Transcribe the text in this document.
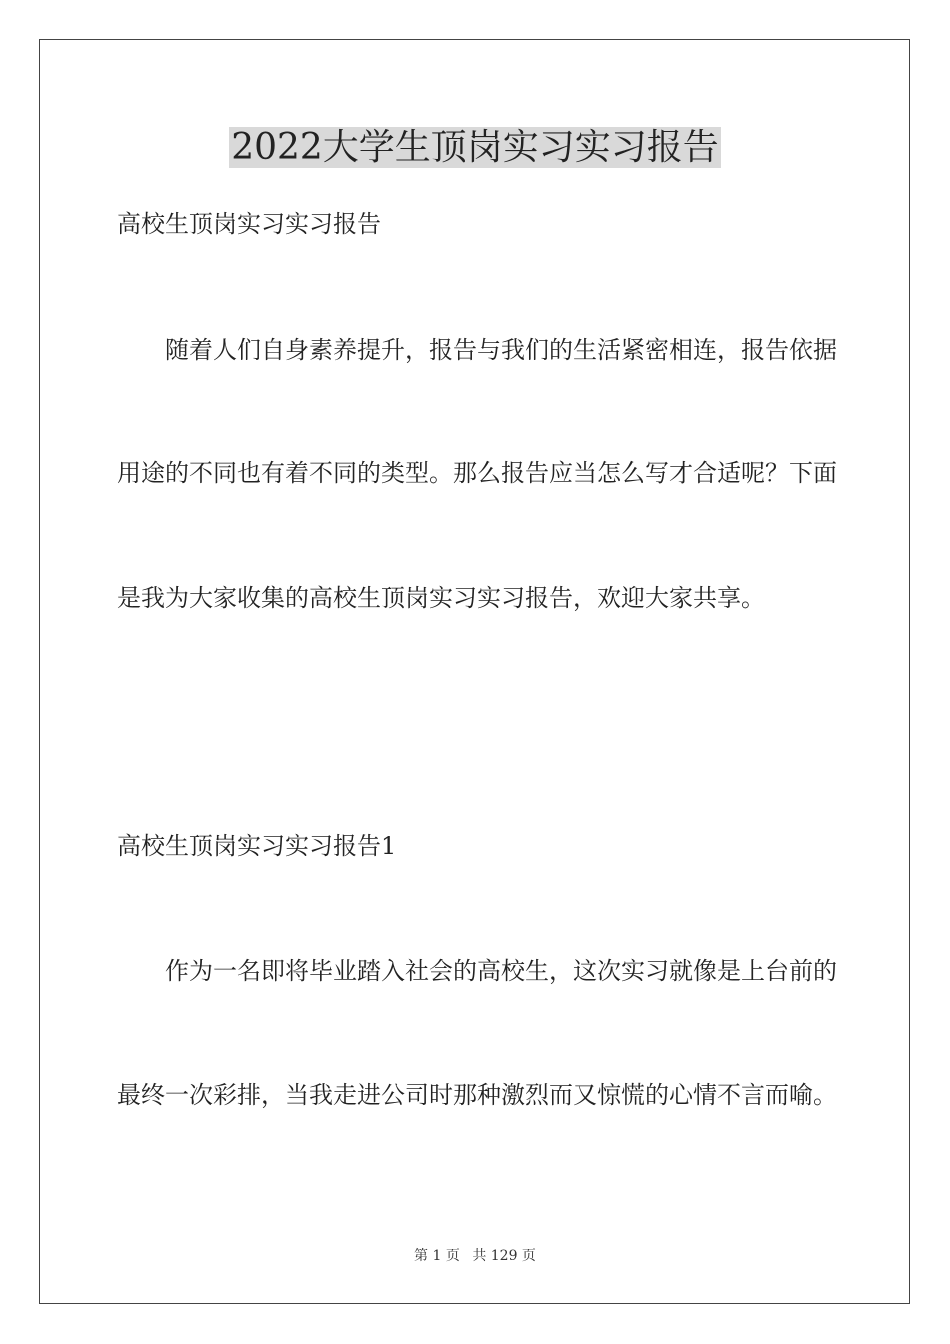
2022大学生顶岗实习实习报告

高校生顶岗实习实习报告

随着人们自身素养提升，报告与我们的生活紧密相连，报告依据

用途的不同也有着不同的类型。那么报告应当怎么写才合适呢？下面

是我为大家收集的高校生顶岗实习实习报告，欢迎大家共享。

高校生顶岗实习实习报告1

作为一名即将毕业踏入社会的高校生，这次实习就像是上台前的

最终一次彩排，当我走进公司时那种激烈而又惊慌的心情不言而喻。

第 1 页 共 129 页
